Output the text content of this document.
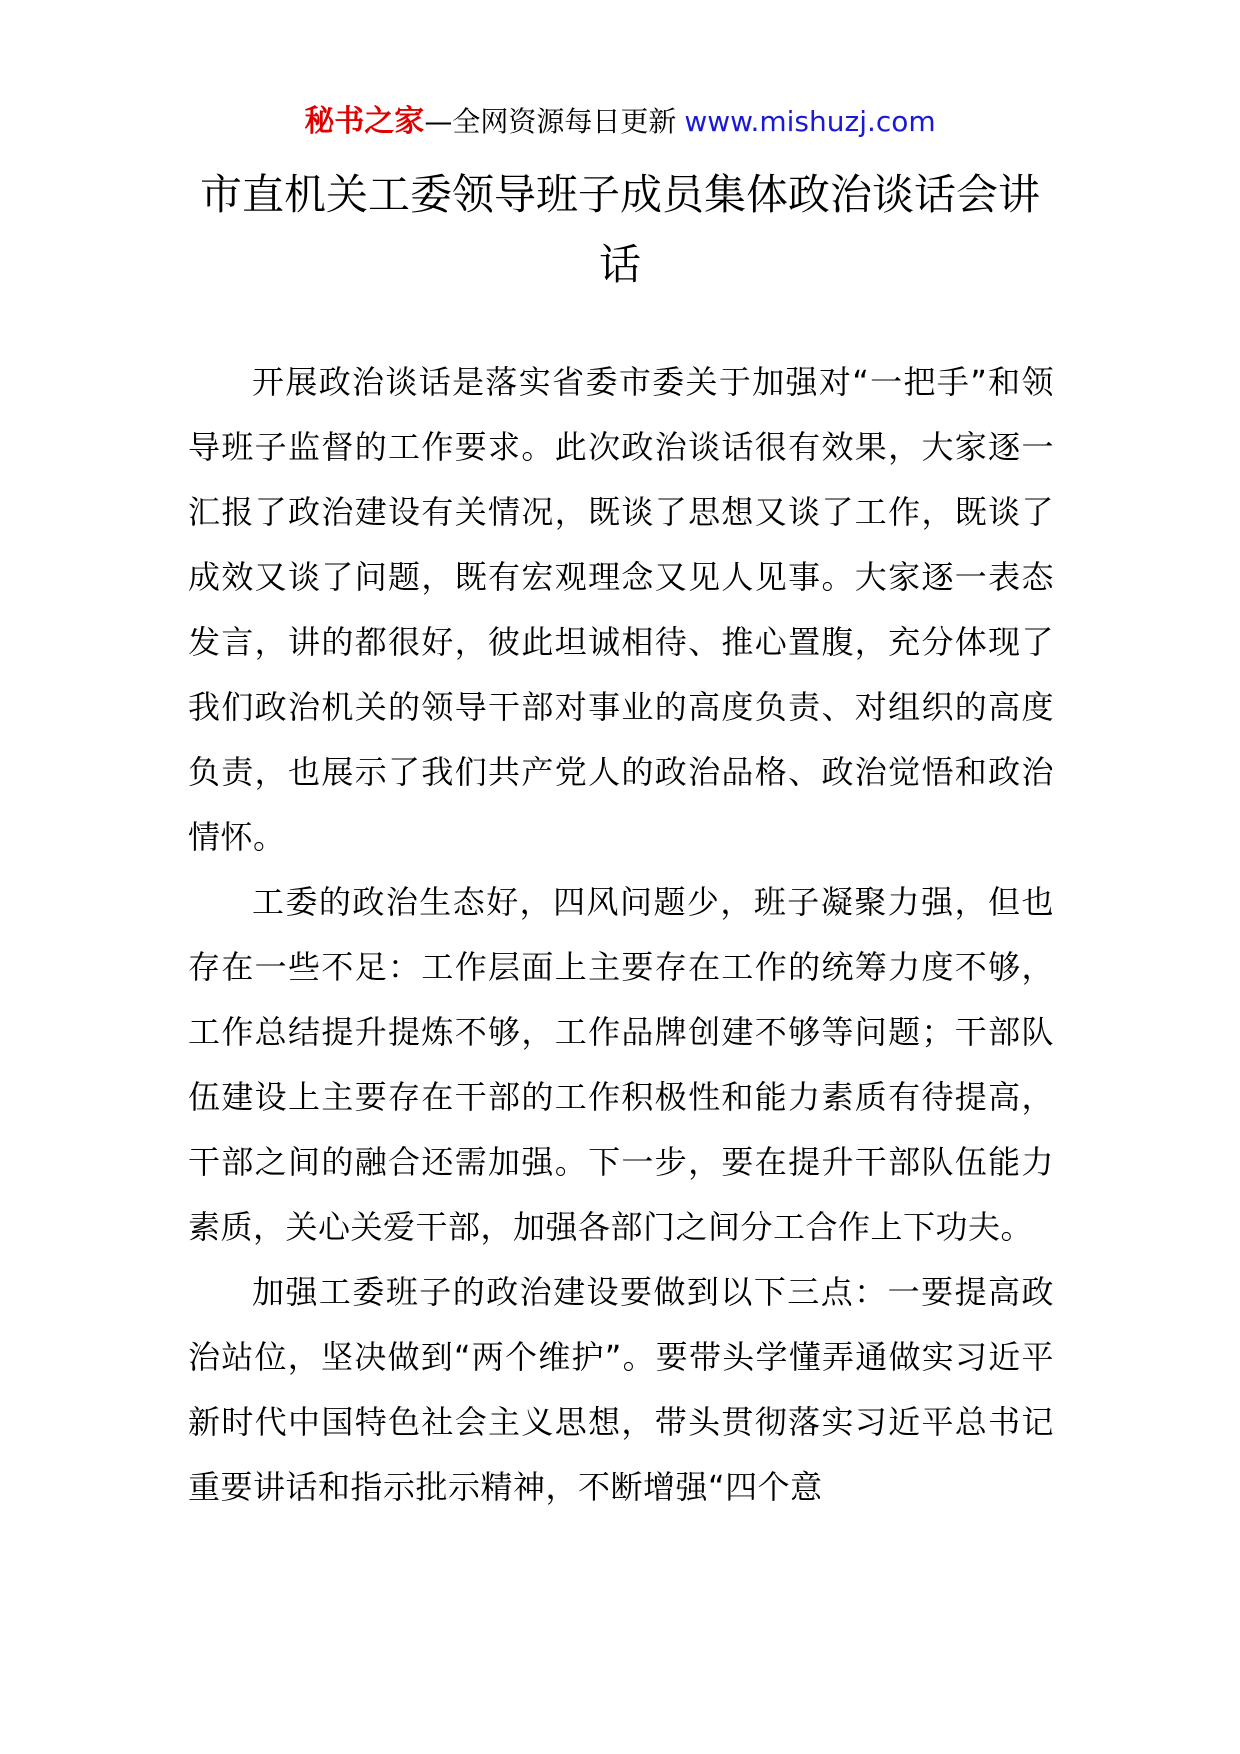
秘书之家—全网资源每日更新 www.mishuzj.com
市直机关工委领导班子成员集体政治谈话会讲话

开展政治谈话是落实省委市委关于加强对“一把手”和领导班子监督的工作要求。此次政治谈话很有效果，大家逐一汇报了政治建设有关情况，既谈了思想又谈了工作，既谈了成效又谈了问题，既有宏观理念又见人见事。大家逐一表态发言，讲的都很好，彼此坦诚相待、推心置腹，充分体现了我们政治机关的领导干部对事业的高度负责、对组织的高度负责，也展示了我们共产党人的政治品格、政治觉悟和政治情怀。

工委的政治生态好，四风问题少，班子凝聚力强，但也存在一些不足：工作层面上主要存在工作的统筹力度不够，工作总结提升提炼不够，工作品牌创建不够等问题；干部队伍建设上主要存在干部的工作积极性和能力素质有待提高，干部之间的融合还需加强。下一步，要在提升干部队伍能力素质，关心关爱干部，加强各部门之间分工合作上下功夫。

加强工委班子的政治建设要做到以下三点：一要提高政治站位，坚决做到“两个维护”。要带头学懂弄通做实习近平新时代中国特色社会主义思想，带头贯彻落实习近平总书记重要讲话和指示批示精神，不断增强“四个意
